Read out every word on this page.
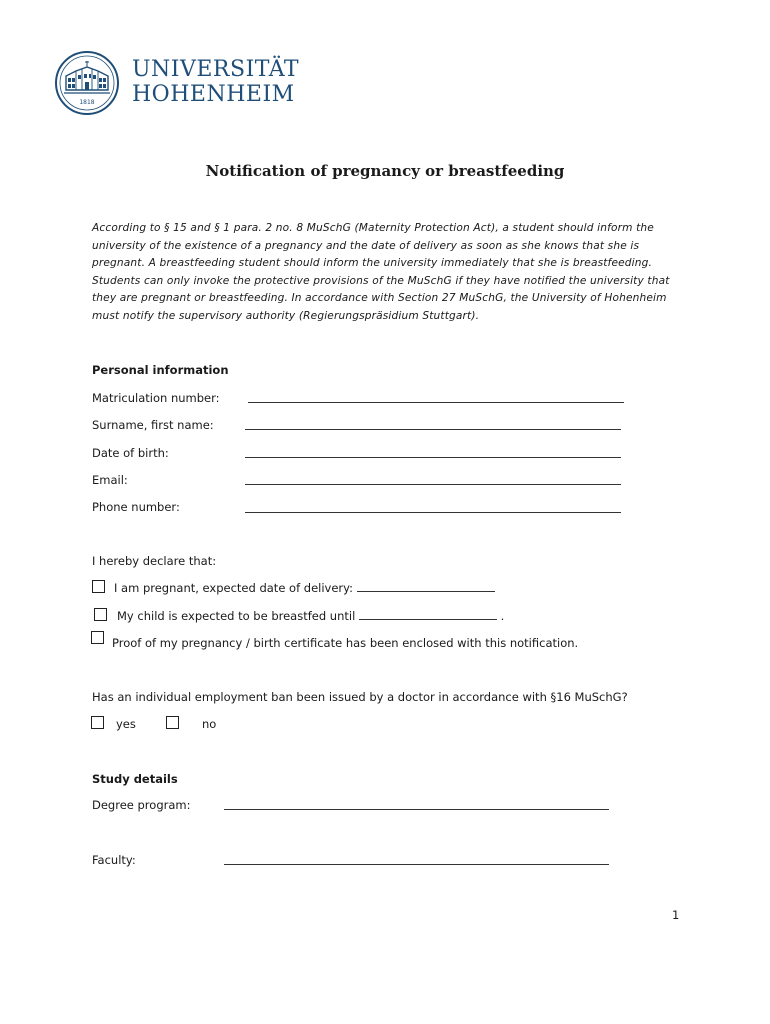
1818
UNIVERSITÄT
HOHENHEIM
Notification of pregnancy or breastfeeding
According to § 15 and § 1 para. 2 no. 8 MuSchG (Maternity Protection Act), a student should inform the
university of the existence of a pregnancy and the date of delivery as soon as she knows that she is
pregnant. A breastfeeding student should inform the university immediately that she is breastfeeding.
Students can only invoke the protective provisions of the MuSchG if they have notified the university that
they are pregnant or breastfeeding. In accordance with Section 27 MuSchG, the University of Hohenheim
must notify the supervisory authority (Regierungspräsidium Stuttgart).
Personal information
Matriculation number:
Surname, first name:
Date of birth:
Email:
Phone number:
I hereby declare that:
I am pregnant, expected date of delivery:
My child is expected to be breastfed until	.
Proof of my pregnancy / birth certificate has been enclosed with this notification.
Has an individual employment ban been issued by a doctor in accordance with §16 MuSchG?
yes	no
Study details
Degree program:
Faculty:
1
